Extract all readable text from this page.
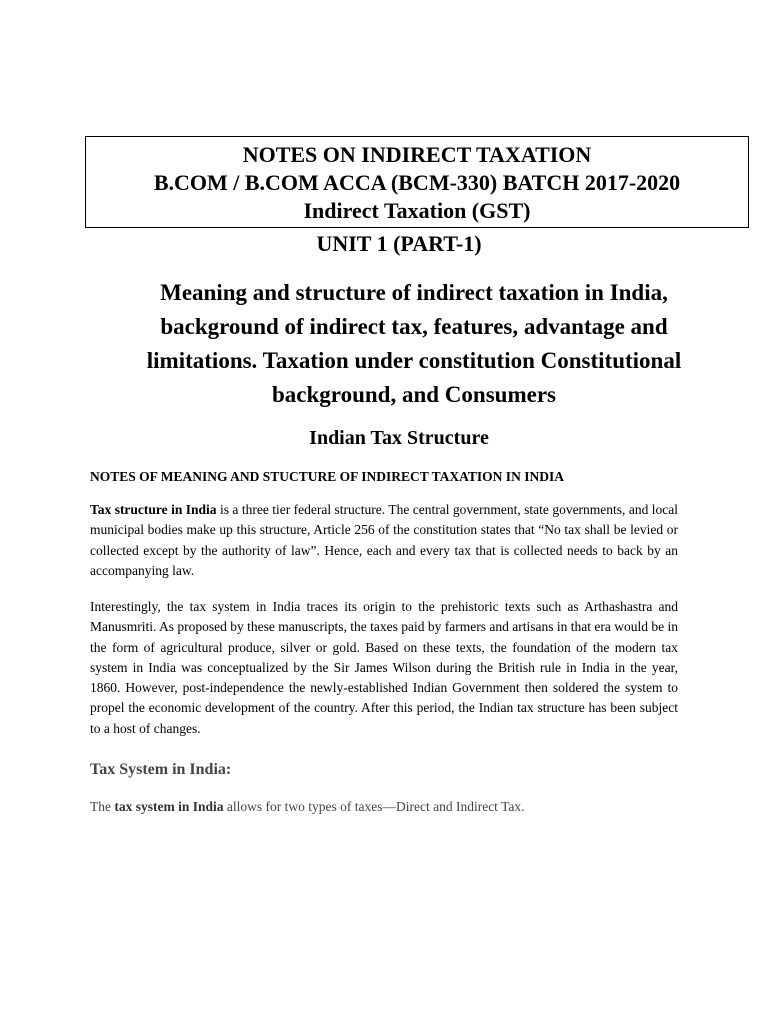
NOTES ON INDIRECT TAXATION
B.COM / B.COM ACCA (BCM-330) BATCH 2017-2020
Indirect Taxation (GST)
UNIT 1 (PART-1)
Meaning and structure of indirect taxation in India,
background of indirect tax, features, advantage and
limitations. Taxation under constitution Constitutional
background, and Consumers
Indian Tax Structure
NOTES OF MEANING AND STUCTURE OF INDIRECT TAXATION IN INDIA

Tax structure in India is a three tier federal structure. The central government, state governments, and local municipal bodies make up this structure, Article 256 of the constitution states that “No tax shall be levied or collected except by the authority of law”. Hence, each and every tax that is collected needs to back by an accompanying law.

Interestingly, the tax system in India traces its origin to the prehistoric texts such as Arthashastra and Manusmriti. As proposed by these manuscripts, the taxes paid by farmers and artisans in that era would be in the form of agricultural produce, silver or gold. Based on these texts, the foundation of the modern tax system in India was conceptualized by the Sir James Wilson during the British rule in India in the year, 1860. However, post-independence the newly-established Indian Government then soldered the system to propel the economic development of the country. After this period, the Indian tax structure has been subject to a host of changes.

Tax System in India:
The tax system in India allows for two types of taxes—Direct and Indirect Tax.
